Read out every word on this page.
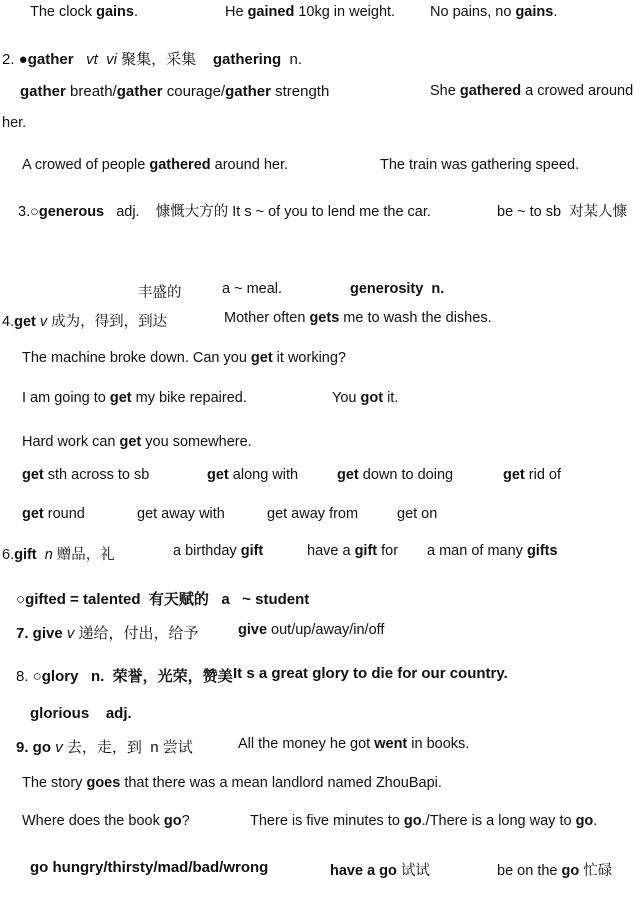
The clock gains.	He gained 10kg in weight. No pains, no gains.
2. ●gather vt vi 聚集，采集    gathering  n.
gather breath/gather courage/gather strength	She gathered a crowed around
her.
A crowed of people gathered around her.	The train was gathering speed.
3.○generous   adj.    慷慨大方的 It s ~ of you to lend me the car.	be ~ to sb  对某人慷
丰盛的	a ~ meal.	generosity  n.
4.get v 成为，得到，到达	Mother often gets me to wash the dishes.
The machine broke down. Can you get it working?
I am going to get my bike repaired.	You got it.
Hard work can get you somewhere.
get sth across to sb	get along with	get down to doing	get rid of
get round	get away with	get away from	get on
6.gift n 赠品，礼	a birthday gift	have a gift for a man of many gifts
○gifted = talented  有天赋的   a   ~ student
7. give v 递给，付出，给予	give out/up/away/in/off
8. ○glory   n.  荣誉，光荣，赞美 It s a great glory to die for our country.
glorious    adj.
9. go v 去，走，到  n 尝试	All the money he got went in books.
The story goes that there was a mean landlord named ZhouBapi.
Where does the book go?	There is five minutes to go./There is a long way to go.
go hungry/thirsty/mad/bad/wrong	have a go 试试	be on the go 忙碌
